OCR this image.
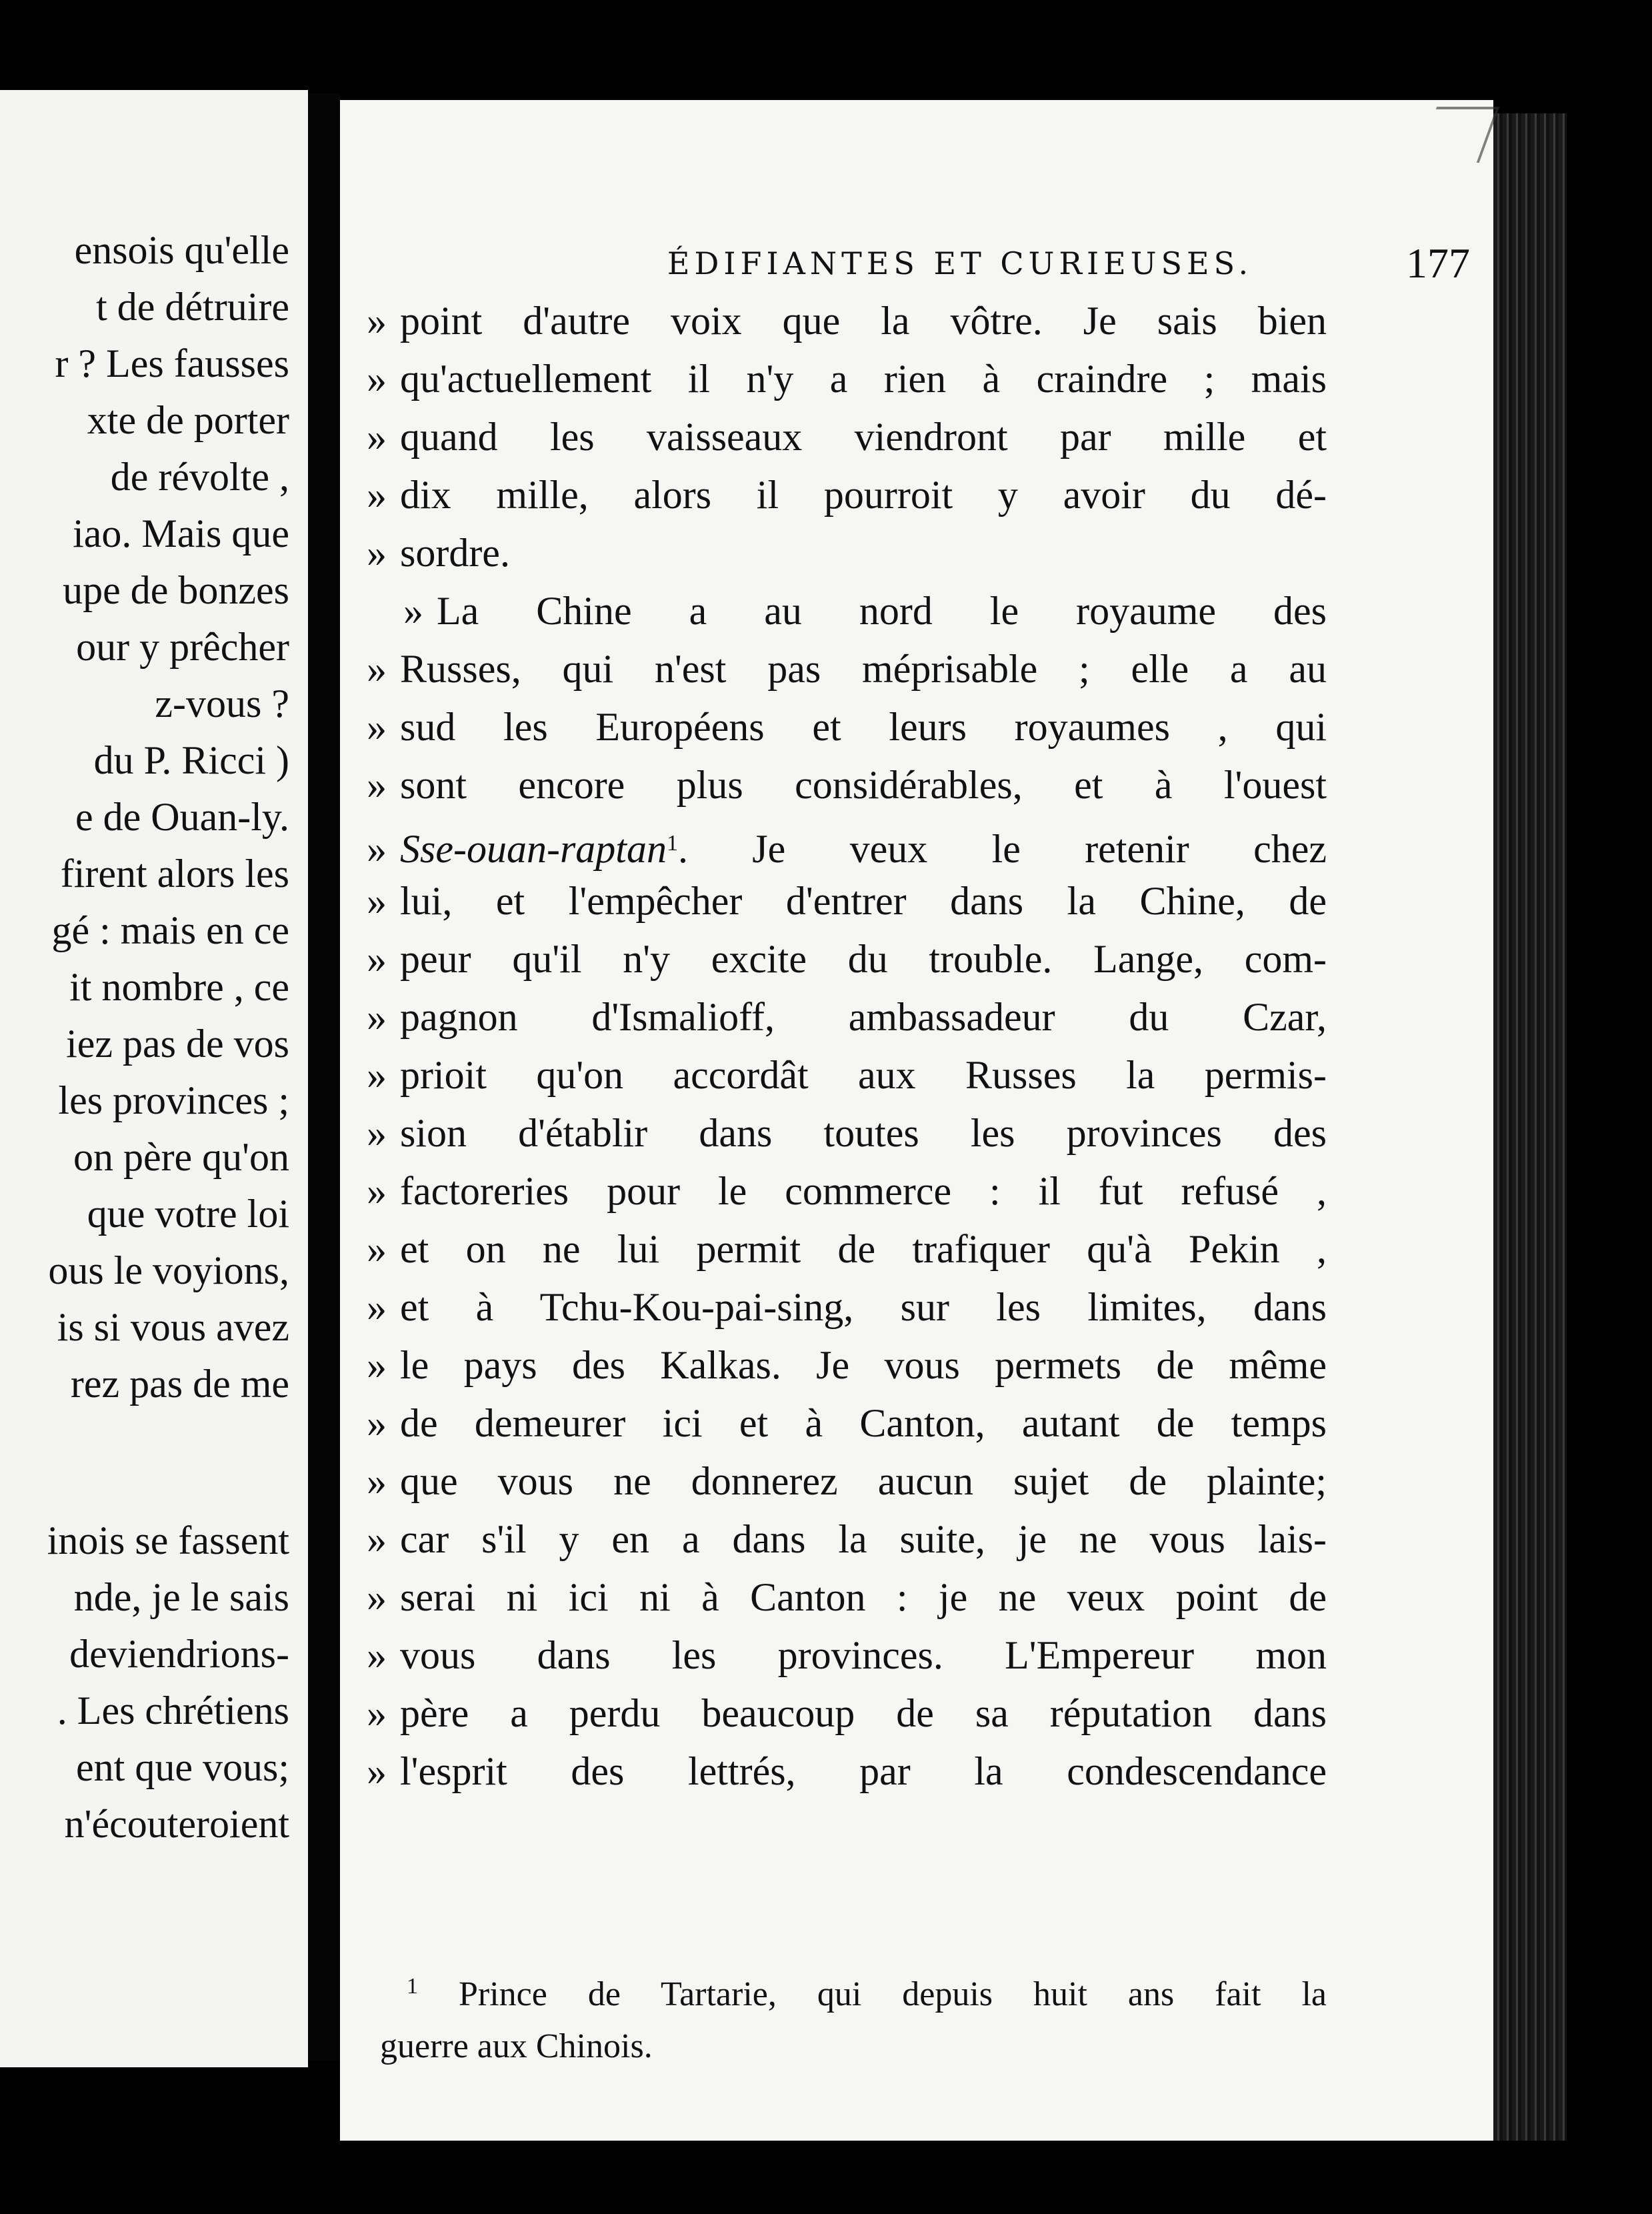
ensois qu'elle
t de détruire
r ? Les fausses
xte de porter
de révolte ,
iao. Mais que
upe de bonzes
our y prêcher
z-vous ?
du P. Ricci )
e de Ouan-ly.
firent alors les
gé : mais en ce
it nombre , ce
iez pas de vos
les provinces ;
on père qu'on
que votre loi
ous le voyions,
is si vous avez
rez pas de me
inois se fassent
nde, je le sais
deviendrions-
. Les chrétiens
ent que vous;
n'écouteroient
ÉDIFIANTES ET CURIEUSES.	177
» point d'autre voix que la vôtre. Je sais bien
» qu'actuellement il n'y a rien à craindre ; mais
» quand les vaisseaux viendront par mille et
» dix mille, alors il pourroit y avoir du dé-
» sordre.
» La Chine a au nord le royaume des
» Russes, qui n'est pas méprisable ; elle a au
» sud les Européens et leurs royaumes , qui
» sont encore plus considérables, et à l'ouest
» Sse-ouan-raptan$^1$. Je veux le retenir chez
» lui, et l'empêcher d'entrer dans la Chine, de
» peur qu'il n'y excite du trouble. Lange, com-
» pagnon d'Ismalioff, ambassadeur du Czar,
» prioit qu'on accordât aux Russes la permis-
» sion d'établir dans toutes les provinces des
» factoreries pour le commerce : il fut refusé ,
» et on ne lui permit de trafiquer qu'à Pekin ,
» et à Tchu-Kou-pai-sing, sur les limites, dans
» le pays des Kalkas. Je vous permets de même
» de demeurer ici et à Canton, autant de temps
» que vous ne donnerez aucun sujet de plainte;
» car s'il y en a dans la suite, je ne vous lais-
» serai ni ici ni à Canton : je ne veux point de
» vous dans les provinces. L'Empereur mon
» père a perdu beaucoup de sa réputation dans
» l'esprit des lettrés, par la condescendance
$^1$ Prince de Tartarie, qui depuis huit ans fait la
guerre aux Chinois.
